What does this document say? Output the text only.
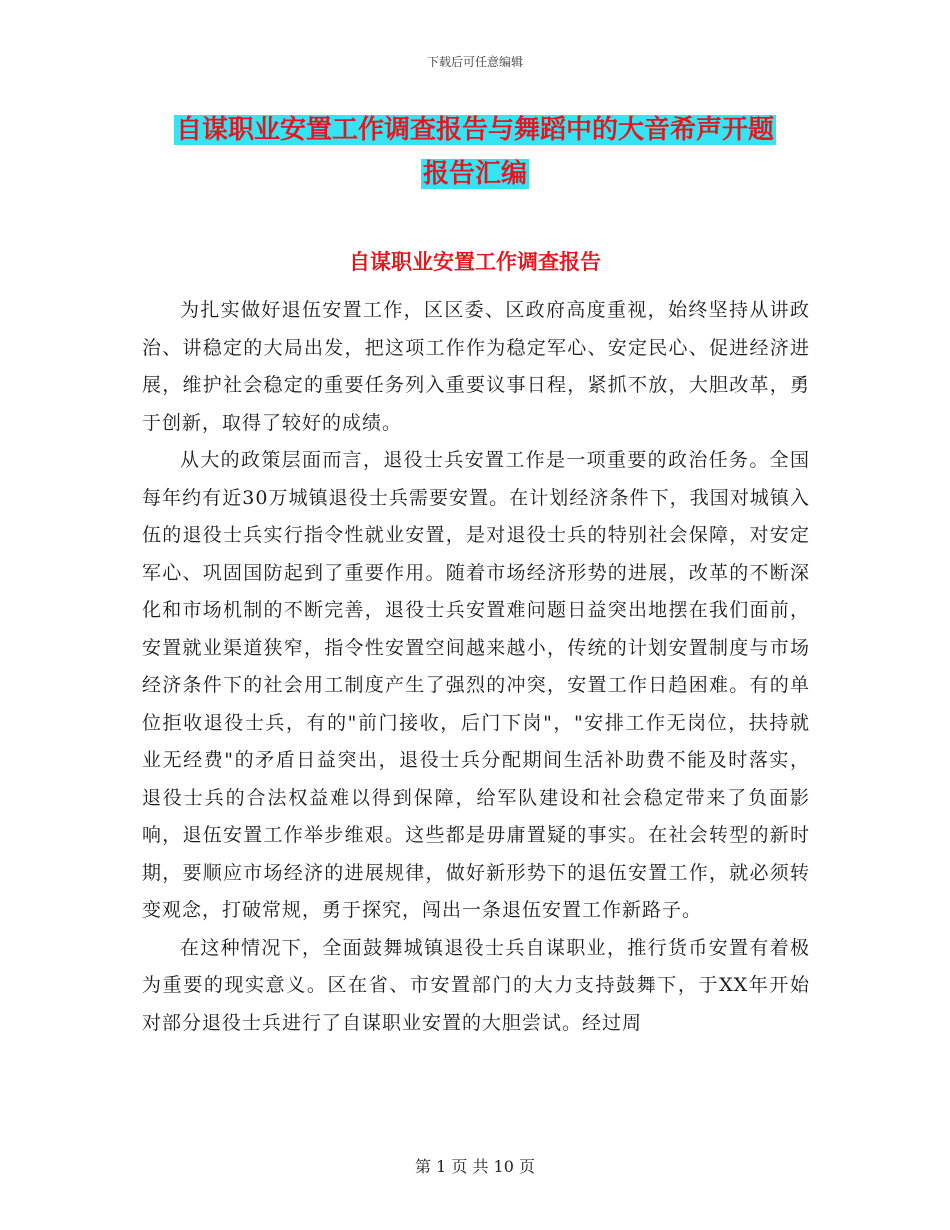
下载后可任意编辑
自谋职业安置工作调查报告与舞蹈中的大音希声开题
报告汇编
自谋职业安置工作调查报告

为扎实做好退伍安置工作，区区委、区政府高度重视，始终坚持从讲政治、讲稳定的大局出发，把这项工作作为稳定军心、安定民心、促进经济进展，维护社会稳定的重要任务列入重要议事日程，紧抓不放，大胆改革，勇于创新，取得了较好的成绩。

从大的政策层面而言，退役士兵安置工作是一项重要的政治任务。全国每年约有近30万城镇退役士兵需要安置。在计划经济条件下，我国对城镇入伍的退役士兵实行指令性就业安置，是对退役士兵的特别社会保障，对安定军心、巩固国防起到了重要作用。随着市场经济形势的进展，改革的不断深化和市场机制的不断完善，退役士兵安置难问题日益突出地摆在我们面前，安置就业渠道狭窄，指令性安置空间越来越小，传统的计划安置制度与市场经济条件下的社会用工制度产生了强烈的冲突，安置工作日趋困难。有的单位拒收退役士兵，有的"前门接收，后门下岗"，"安排工作无岗位，扶持就业无经费"的矛盾日益突出，退役士兵分配期间生活补助费不能及时落实，退役士兵的合法权益难以得到保障，给军队建设和社会稳定带来了负面影响，退伍安置工作举步维艰。这些都是毋庸置疑的事实。在社会转型的新时期，要顺应市场经济的进展规律，做好新形势下的退伍安置工作，就必须转变观念，打破常规，勇于探究，闯出一条退伍安置工作新路子。

在这种情况下，全面鼓舞城镇退役士兵自谋职业，推行货币安置有着极为重要的现实意义。区在省、市安置部门的大力支持鼓舞下，于XX年开始对部分退役士兵进行了自谋职业安置的大胆尝试。经过周

第 1 页 共 10 页
